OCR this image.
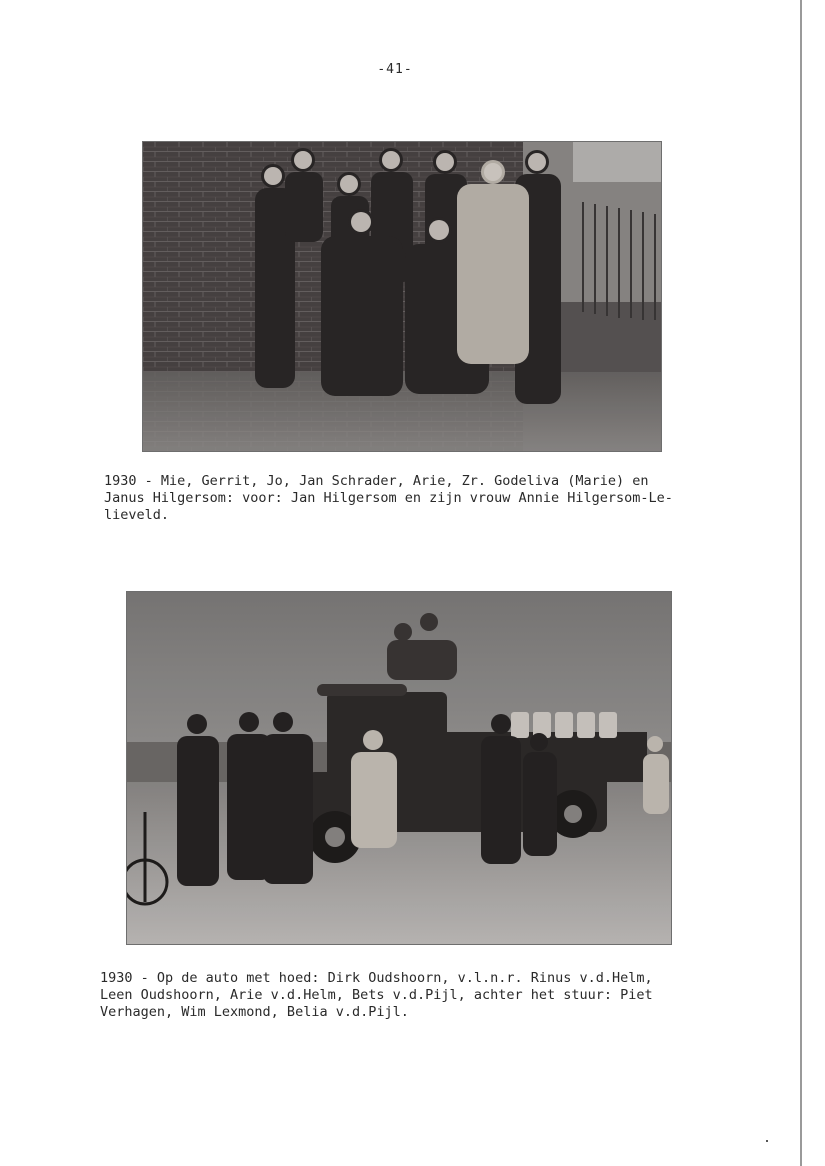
-41-

1930 - Mie, Gerrit, Jo, Jan Schrader, Arie, Zr. Godeliva (Marie) en
Janus Hilgersom: voor: Jan Hilgersom en zijn vrouw Annie Hilgersom-Le-
lieveld.

1930 - Op de auto met hoed: Dirk Oudshoorn, v.l.n.r. Rinus v.d.Helm,
Leen Oudshoorn, Arie v.d.Helm, Bets v.d.Pijl, achter het stuur: Piet
Verhagen, Wim Lexmond, Belia v.d.Pijl.
